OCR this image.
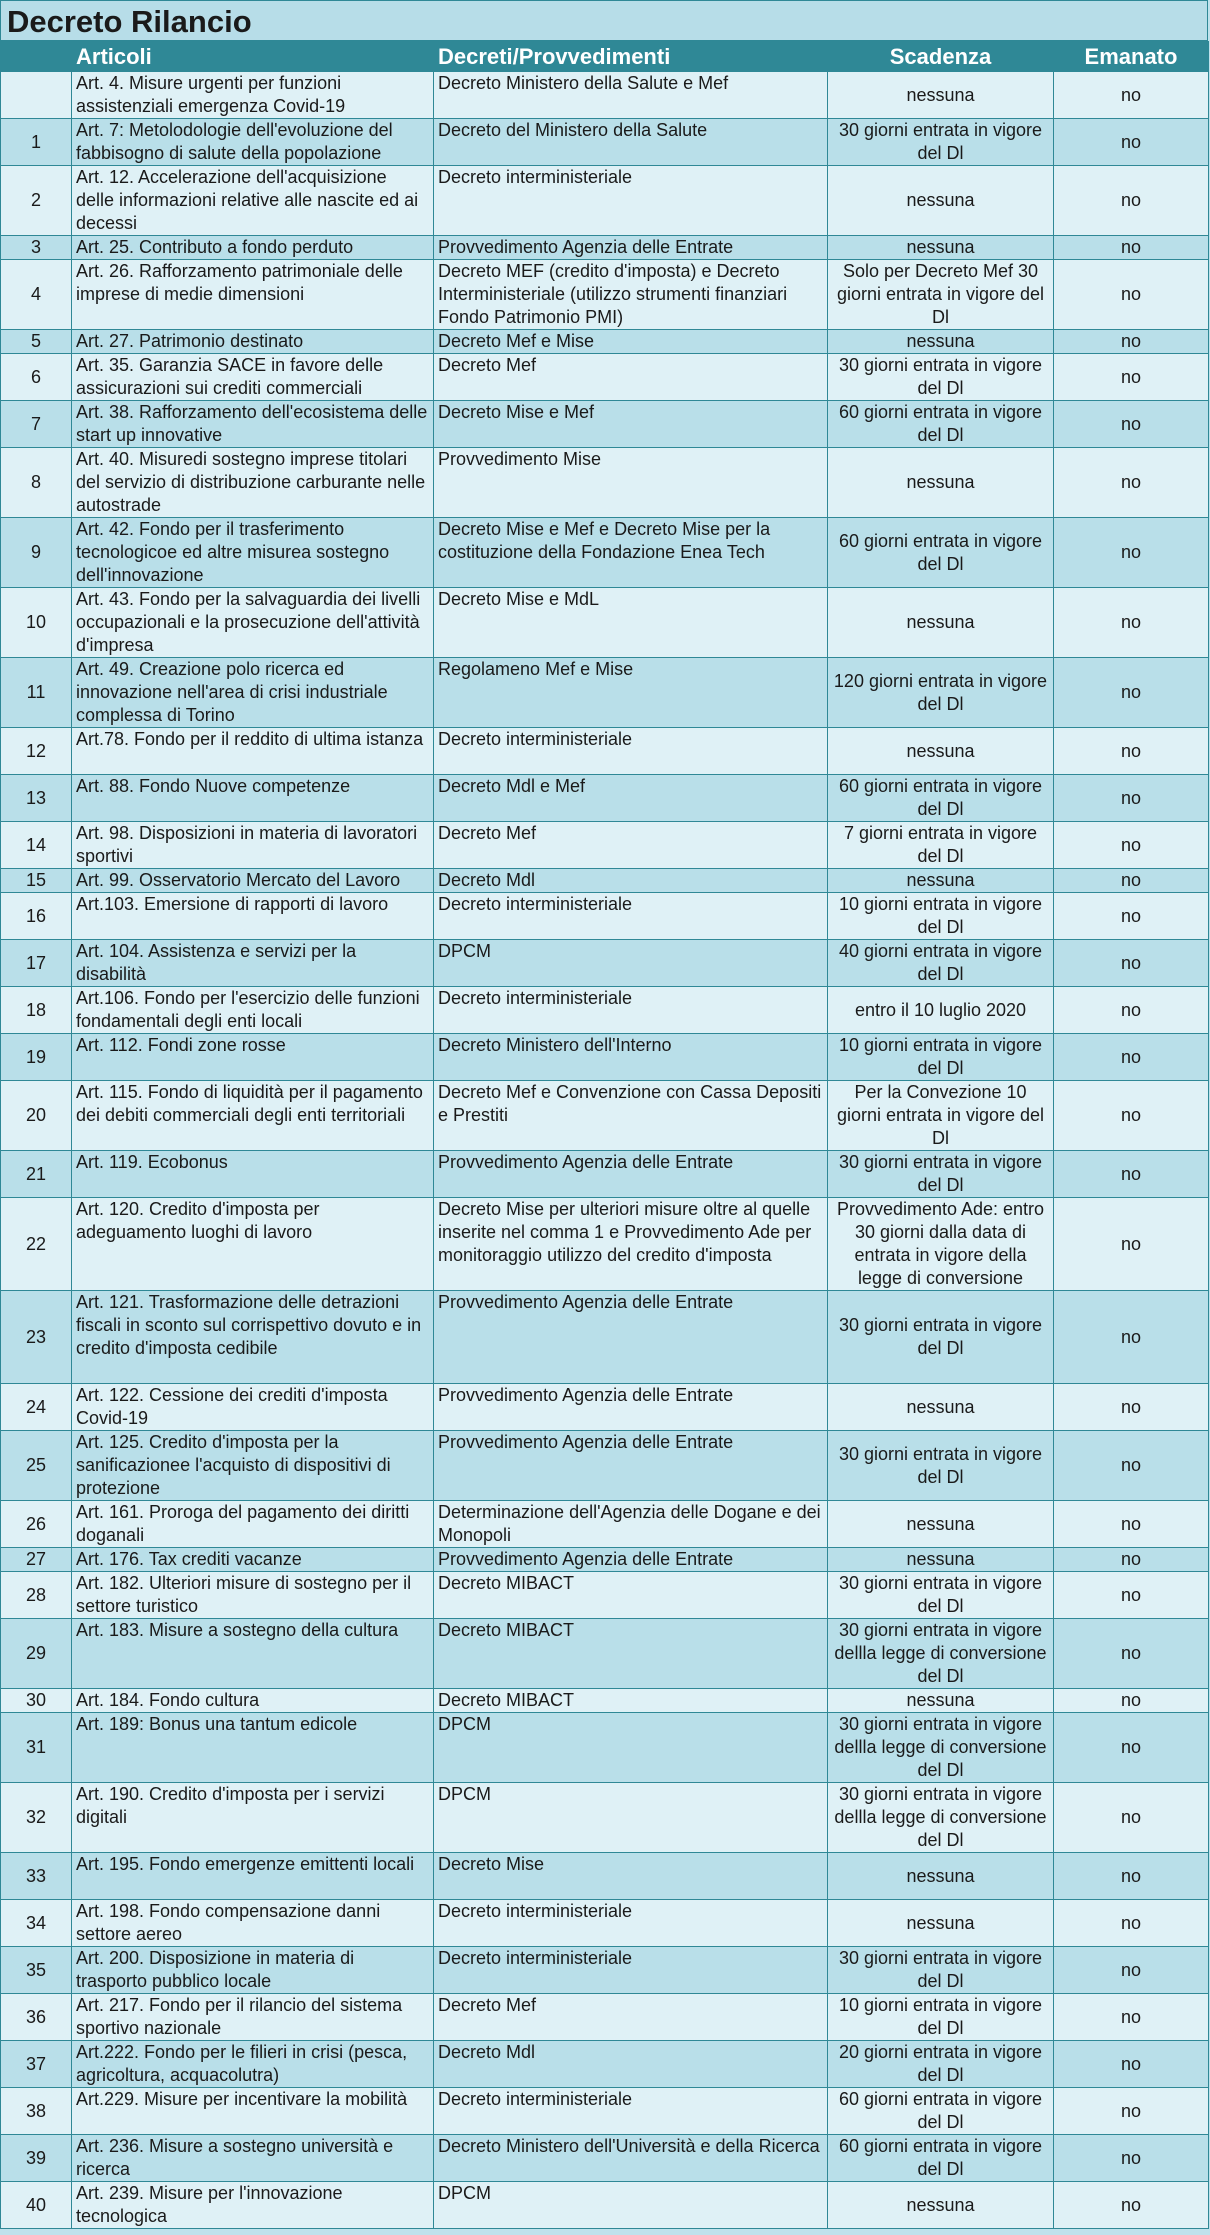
Decreto Rilancio
	Articoli	Decreti/Provvedimenti	Scadenza	Emanato
	Art. 4. Misure urgenti per funzioni assistenziali emergenza Covid-19	Decreto Ministero della Salute e Mef	nessuna	no
1	Art. 7: Metolodologie dell'evoluzione del fabbisogno di salute della popolazione	Decreto del Ministero della Salute	30 giorni entrata in vigore del Dl	no
2	Art. 12. Accelerazione dell'acquisizione delle informazioni relative alle nascite ed ai decessi	Decreto interministeriale	nessuna	no
3	Art. 25. Contributo a fondo perduto	Provvedimento Agenzia delle Entrate	nessuna	no
4	Art. 26. Rafforzamento patrimoniale delle imprese di medie dimensioni	Decreto MEF (credito d'imposta) e Decreto Interministeriale (utilizzo strumenti finanziari Fondo Patrimonio PMI)	Solo per Decreto Mef 30 giorni entrata in vigore del Dl	no
5	Art. 27. Patrimonio destinato	Decreto Mef e Mise	nessuna	no
6	Art. 35. Garanzia SACE in favore delle assicurazioni sui crediti commerciali	Decreto Mef	30 giorni entrata in vigore del Dl	no
7	Art. 38. Rafforzamento dell'ecosistema delle start up innovative	Decreto Mise e Mef	60 giorni entrata in vigore del Dl	no
8	Art. 40. Misuredi sostegno imprese titolari del servizio di distribuzione carburante nelle autostrade	Provvedimento Mise	nessuna	no
9	Art. 42. Fondo per il trasferimento tecnologicoe ed altre misurea sostegno dell'innovazione	Decreto Mise e Mef e Decreto Mise per la costituzione della Fondazione Enea Tech	60 giorni entrata in vigore del Dl	no
10	Art. 43. Fondo per la salvaguardia dei livelli occupazionali e la prosecuzione dell'attività d'impresa	Decreto Mise e MdL	nessuna	no
11	Art. 49. Creazione polo ricerca ed innovazione nell'area di crisi industriale complessa di Torino	Regolameno Mef e Mise	120 giorni entrata in vigore del Dl	no
12	Art.78. Fondo per il reddito di ultima istanza	Decreto interministeriale	nessuna	no
13	Art. 88. Fondo Nuove competenze	Decreto Mdl e Mef	60 giorni entrata in vigore del Dl	no
14	Art. 98. Disposizioni in materia di lavoratori sportivi	Decreto Mef	7 giorni entrata in vigore del Dl	no
15	Art. 99. Osservatorio Mercato del Lavoro	Decreto Mdl	nessuna	no
16	Art.103. Emersione di rapporti di lavoro	Decreto interministeriale	10 giorni entrata in vigore del Dl	no
17	Art. 104. Assistenza e servizi per la disabilità	DPCM	40 giorni entrata in vigore del Dl	no
18	Art.106. Fondo per l'esercizio delle funzioni fondamentali degli enti locali	Decreto interministeriale	entro il 10 luglio 2020	no
19	Art. 112. Fondi zone rosse	Decreto Ministero dell'Interno	10 giorni entrata in vigore del Dl	no
20	Art. 115. Fondo di liquidità per il pagamento dei debiti commerciali degli enti territoriali	Decreto Mef e Convenzione con Cassa Depositi e Prestiti	Per la Convezione 10 giorni entrata in vigore del Dl	no
21	Art. 119. Ecobonus	Provvedimento Agenzia delle Entrate	30 giorni entrata in vigore del Dl	no
22	Art. 120. Credito d'imposta per adeguamento luoghi di lavoro	Decreto Mise per ulteriori misure oltre al quelle inserite nel comma 1 e Provvedimento Ade per monitoraggio utilizzo del credito d'imposta	Provvedimento Ade: entro 30 giorni dalla data di entrata in vigore della legge di conversione	no
23	Art. 121. Trasformazione delle detrazioni fiscali in sconto sul corrispettivo dovuto e in credito d'imposta cedibile	Provvedimento Agenzia delle Entrate	30 giorni entrata in vigore del Dl	no
24	Art. 122. Cessione dei crediti d'imposta Covid-19	Provvedimento Agenzia delle Entrate	nessuna	no
25	Art. 125. Credito d'imposta per la sanificazionee l'acquisto di dispositivi di protezione	Provvedimento Agenzia delle Entrate	30 giorni entrata in vigore del Dl	no
26	Art. 161. Proroga del pagamento dei diritti doganali	Determinazione dell'Agenzia delle Dogane e dei Monopoli	nessuna	no
27	Art. 176. Tax crediti vacanze	Provvedimento Agenzia delle Entrate	nessuna	no
28	Art. 182. Ulteriori misure di sostegno per il settore turistico	Decreto MIBACT	30 giorni entrata in vigore del Dl	no
29	Art. 183. Misure a sostegno della cultura	Decreto MIBACT	30 giorni entrata in vigore dellla legge di conversione del Dl	no
30	Art. 184. Fondo cultura	Decreto MIBACT	nessuna	no
31	Art. 189: Bonus una tantum edicole	DPCM	30 giorni entrata in vigore dellla legge di conversione del Dl	no
32	Art. 190. Credito d'imposta per i servizi digitali	DPCM	30 giorni entrata in vigore dellla legge di conversione del Dl	no
33	Art. 195. Fondo emergenze emittenti locali	Decreto Mise	nessuna	no
34	Art. 198. Fondo compensazione danni settore aereo	Decreto interministeriale	nessuna	no
35	Art. 200. Disposizione in materia di trasporto pubblico locale	Decreto interministeriale	30 giorni entrata in vigore del Dl	no
36	Art. 217. Fondo per il rilancio del sistema sportivo nazionale	Decreto Mef	10 giorni entrata in vigore del Dl	no
37	Art.222. Fondo per le filieri in crisi (pesca, agricoltura, acquacolutra)	Decreto Mdl	20 giorni entrata in vigore del Dl	no
38	Art.229. Misure per incentivare la mobilità	Decreto interministeriale	60 giorni entrata in vigore del Dl	no
39	Art. 236. Misure a sostegno università e ricerca	Decreto Ministero dell'Università e della Ricerca	60 giorni entrata in vigore del Dl	no
40	Art. 239. Misure per l'innovazione tecnologica	DPCM	nessuna	no
